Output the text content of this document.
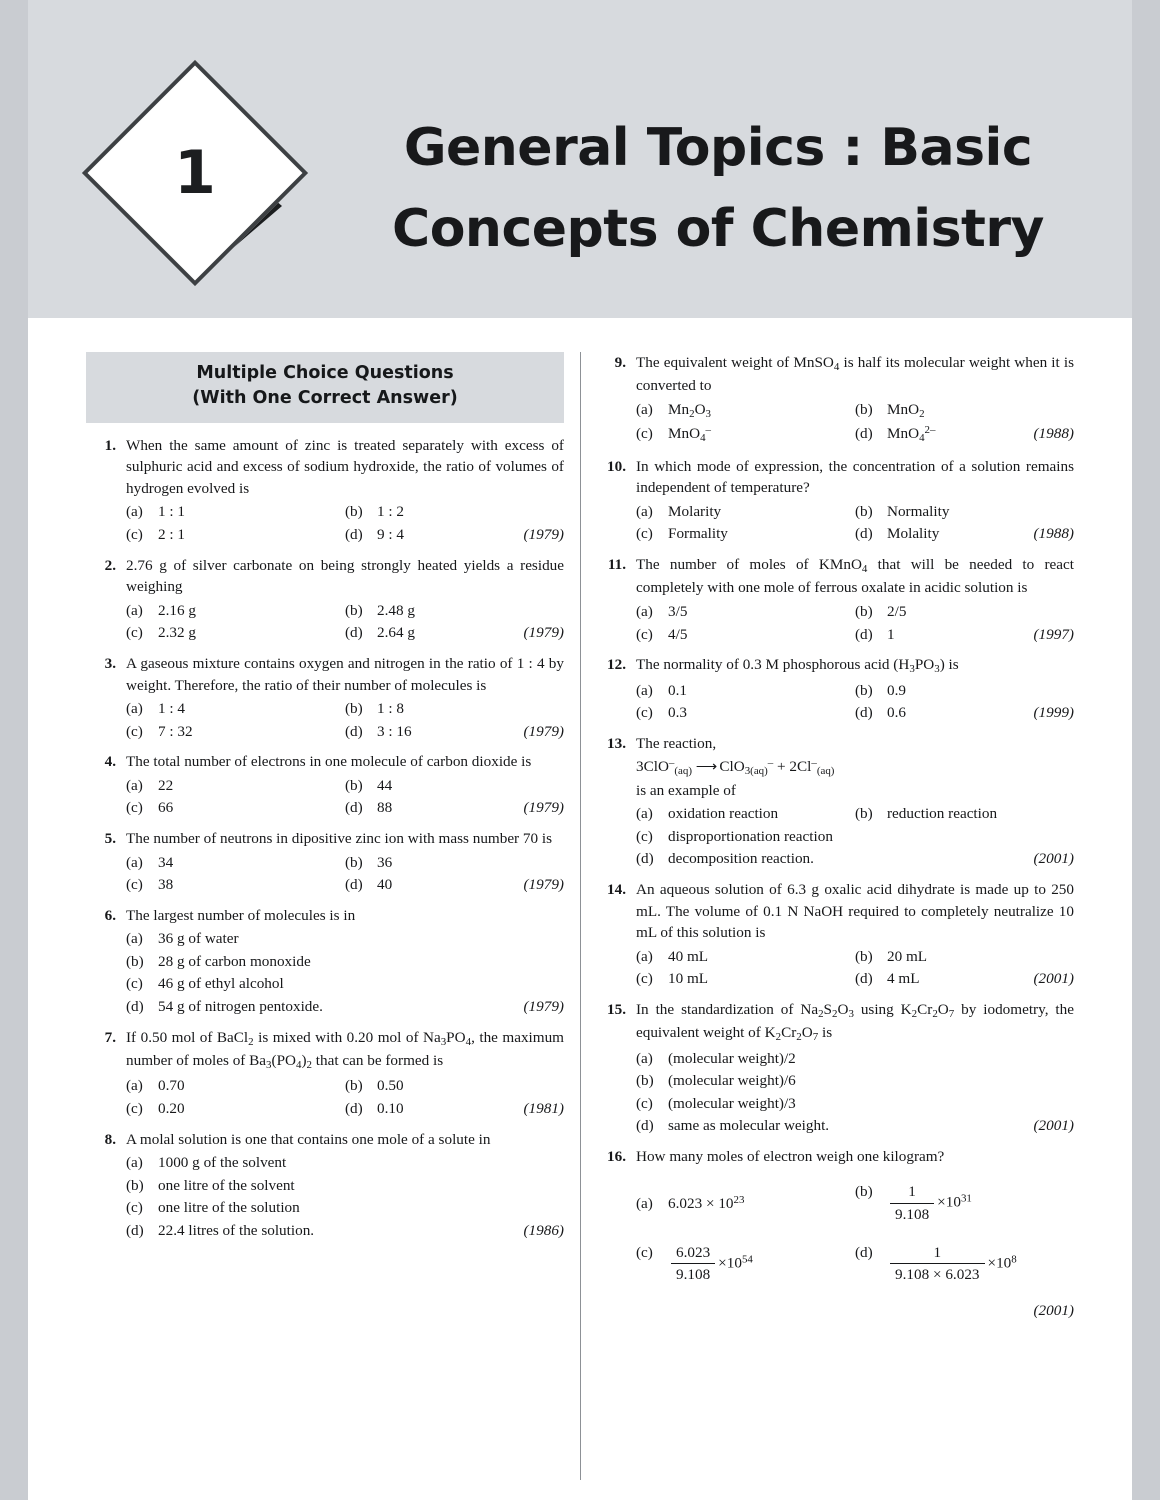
1	General Topics : Basic
Concepts of Chemistry
Multiple Choice Questions
(With One Correct Answer)
1. When the same amount of zinc is treated separately with excess of sulphuric acid and excess of sodium hydroxide, the ratio of volumes of hydrogen evolved is
(a) 1 : 1	(b) 1 : 2
(c) 2 : 1	(d) 9 : 4	(1979)
2. 2.76 g of silver carbonate on being strongly heated yields a residue weighing
(a) 2.16 g	(b) 2.48 g
(c) 2.32 g	(d) 2.64 g	(1979)
3. A gaseous mixture contains oxygen and nitrogen in the ratio of 1 : 4 by weight. Therefore, the ratio of their number of molecules is
(a) 1 : 4	(b) 1 : 8
(c) 7 : 32	(d) 3 : 16	(1979)
4. The total number of electrons in one molecule of carbon dioxide is
(a) 22	(b) 44
(c) 66	(d) 88	(1979)
5. The number of neutrons in dipositive zinc ion with mass number 70 is
(a) 34	(b) 36
(c) 38	(d) 40	(1979)
6. The largest number of molecules is in
(a) 36 g of water
(b) 28 g of carbon monoxide
(c) 46 g of ethyl alcohol
(d) 54 g of nitrogen pentoxide.	(1979)
7. If 0.50 mol of BaCl$_2$ is mixed with 0.20 mol of $Na_3PO_4$, the maximum number of moles of $Ba_3(PO_4)_2$ that can be formed is
(a) 0.70	(b) 0.50
(c) 0.20	(d) 0.10	(1981)
8. A molal solution is one that contains one mole of a solute in
(a) 1000 g of the solvent
(b) one litre of the solvent
(c) one litre of the solution
(d) 22.4 litres of the solution.	(1986)
9. The equivalent weight of MnSO$_4$ is half its molecular weight when it is converted to
(a) $Mn_2O_3$	(b) MnO$_2$
(c) MnO$_4$–	(d) MnO$_4^{2-}$	(1988)
10. In which mode of expression, the concentration of a solution remains independent of temperature?
(a) Molarity	(b) Normality
(c) Formality	(d) Molality	(1988)
11. The number of moles of KMnO$_4$ that will be needed to react completely with one mole of ferrous oxalate in acidic solution is
(a) 3/5	(b) 2/5
(c) 4/5	(d) 1	(1997)
12. The normality of 0.3 M phosphorous acid $(H_3PO_3)$ is
(a) 0.1	(b) 0.9
(c) 0.3	(d) 0.6	(1999)
13. The reaction,
3ClO–$_{(aq)}$ ⟶ $ClO_{3(aq)}^- + 2Cl^-_{(aq)}$
is an example of
(a) oxidation reaction	(b) reduction reaction
(c) disproportionation reaction
(d) decomposition reaction.	(2001)
14. An aqueous solution of 6.3 g oxalic acid dihydrate is made up to 250 mL. The volume of 0.1 N NaOH required to completely neutralize 10 mL of this solution is
(a) 40 mL	(b) 20 mL
(c) 10 mL	(d) 4 mL	(2001)
15. In the standardization of $Na_2S_2O_3$ using $K_2Cr_2O_7$ by iodometry, the equivalent weight of $K_2Cr_2O_7$ is
(a) (molecular weight)/2
(b) (molecular weight)/6
(c) (molecular weight)/3
(d) same as molecular weight.	(2001)
16. How many moles of electron weigh one kilogram?
(a) $6.023 \times 10^{23}$	$(b) \frac{1}{9.108} \times 10^{31}$
$(c) \frac{6.023}{9.108} \times 10^{54}$	$(d) \frac{1}{9.108 \times 6.023} \times 10^8$
(2001)
